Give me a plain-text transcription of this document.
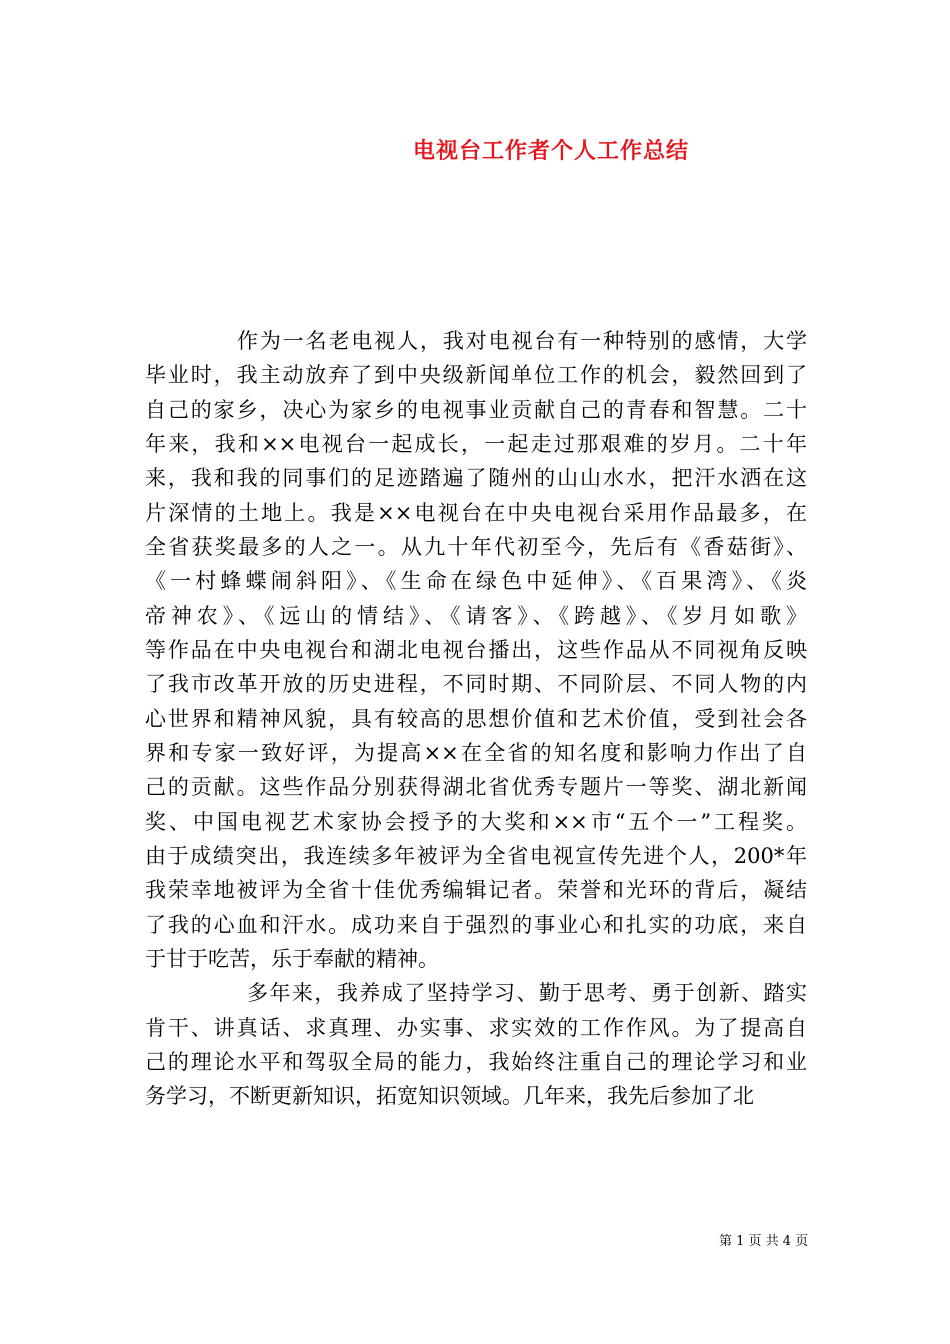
电视台工作者个人工作总结
作为一名老电视人，我对电视台有一种特别的感情，大学
毕业时，我主动放弃了到中央级新闻单位工作的机会，毅然回到了
自己的家乡，决心为家乡的电视事业贡献自己的青春和智慧。二十
年来，我和××电视台一起成长，一起走过那艰难的岁月。二十年
来，我和我的同事们的足迹踏遍了随州的山山水水，把汗水洒在这
片深情的土地上。我是××电视台在中央电视台采用作品最多，在
全省获奖最多的人之一。从九十年代初至今，先后有《香菇街》、
《一村蜂蝶闹斜阳》、《生命在绿色中延伸》、《百果湾》、《炎
帝神农》、《远山的情结》、《请客》、《跨越》、《岁月如歌》
等作品在中央电视台和湖北电视台播出，这些作品从不同视角反映
了我市改革开放的历史进程，不同时期、不同阶层、不同人物的内
心世界和精神风貌，具有较高的思想价值和艺术价值，受到社会各
界和专家一致好评，为提高××在全省的知名度和影响力作出了自
己的贡献。这些作品分别获得湖北省优秀专题片一等奖、湖北新闻
奖、中国电视艺术家协会授予的大奖和××市“五个一”工程奖。
由于成绩突出，我连续多年被评为全省电视宣传先进个人，200*年
我荣幸地被评为全省十佳优秀编辑记者。荣誉和光环的背后，凝结
了我的心血和汗水。成功来自于强烈的事业心和扎实的功底，来自
于甘于吃苦，乐于奉献的精神。
多年来，我养成了坚持学习、勤于思考、勇于创新、踏实
肯干、讲真话、求真理、办实事、求实效的工作作风。为了提高自
己的理论水平和驾驭全局的能力，我始终注重自己的理论学习和业
务学习，不断更新知识，拓宽知识领域。几年来，我先后参加了北
第 1 页 共 4 页
